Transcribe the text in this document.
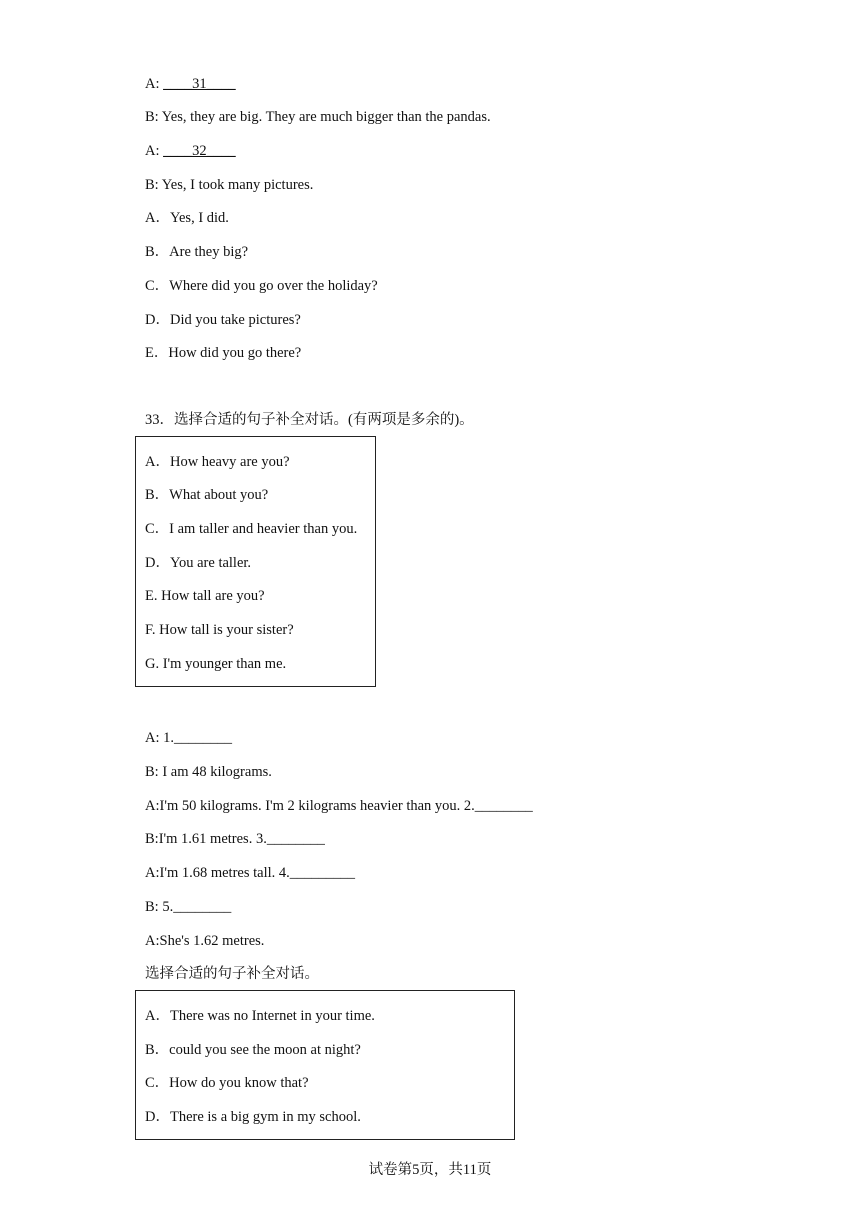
A: ____31____
B: Yes, they are big. They are much bigger than the pandas.
A: ____32____
B: Yes, I took many pictures.
A．Yes, I did.
B．Are they big?
C．Where did you go over the holiday?
D．Did you take pictures?
E．How did you go there?
33．选择合适的句子补全对话。(有两项是多余的)。
A．How heavy are you?
B．What about you?
C．I am taller and heavier than you.
D．You are taller.
E. How tall are you?
F. How tall is your sister?
G. I'm younger than me.
A: 1.________
B: I am 48 kilograms.
A:I'm 50 kilograms. I'm 2 kilograms heavier than you. 2.________
B:I'm 1.61 metres. 3.________
A:I'm 1.68 metres tall. 4._________
B: 5.________
A:She's 1.62 metres.
选择合适的句子补全对话。
A．There was no Internet in your time.
B．could you see the moon at night?
C．How do you know that?
D．There is a big gym in my school.
试卷第5页，共11页
